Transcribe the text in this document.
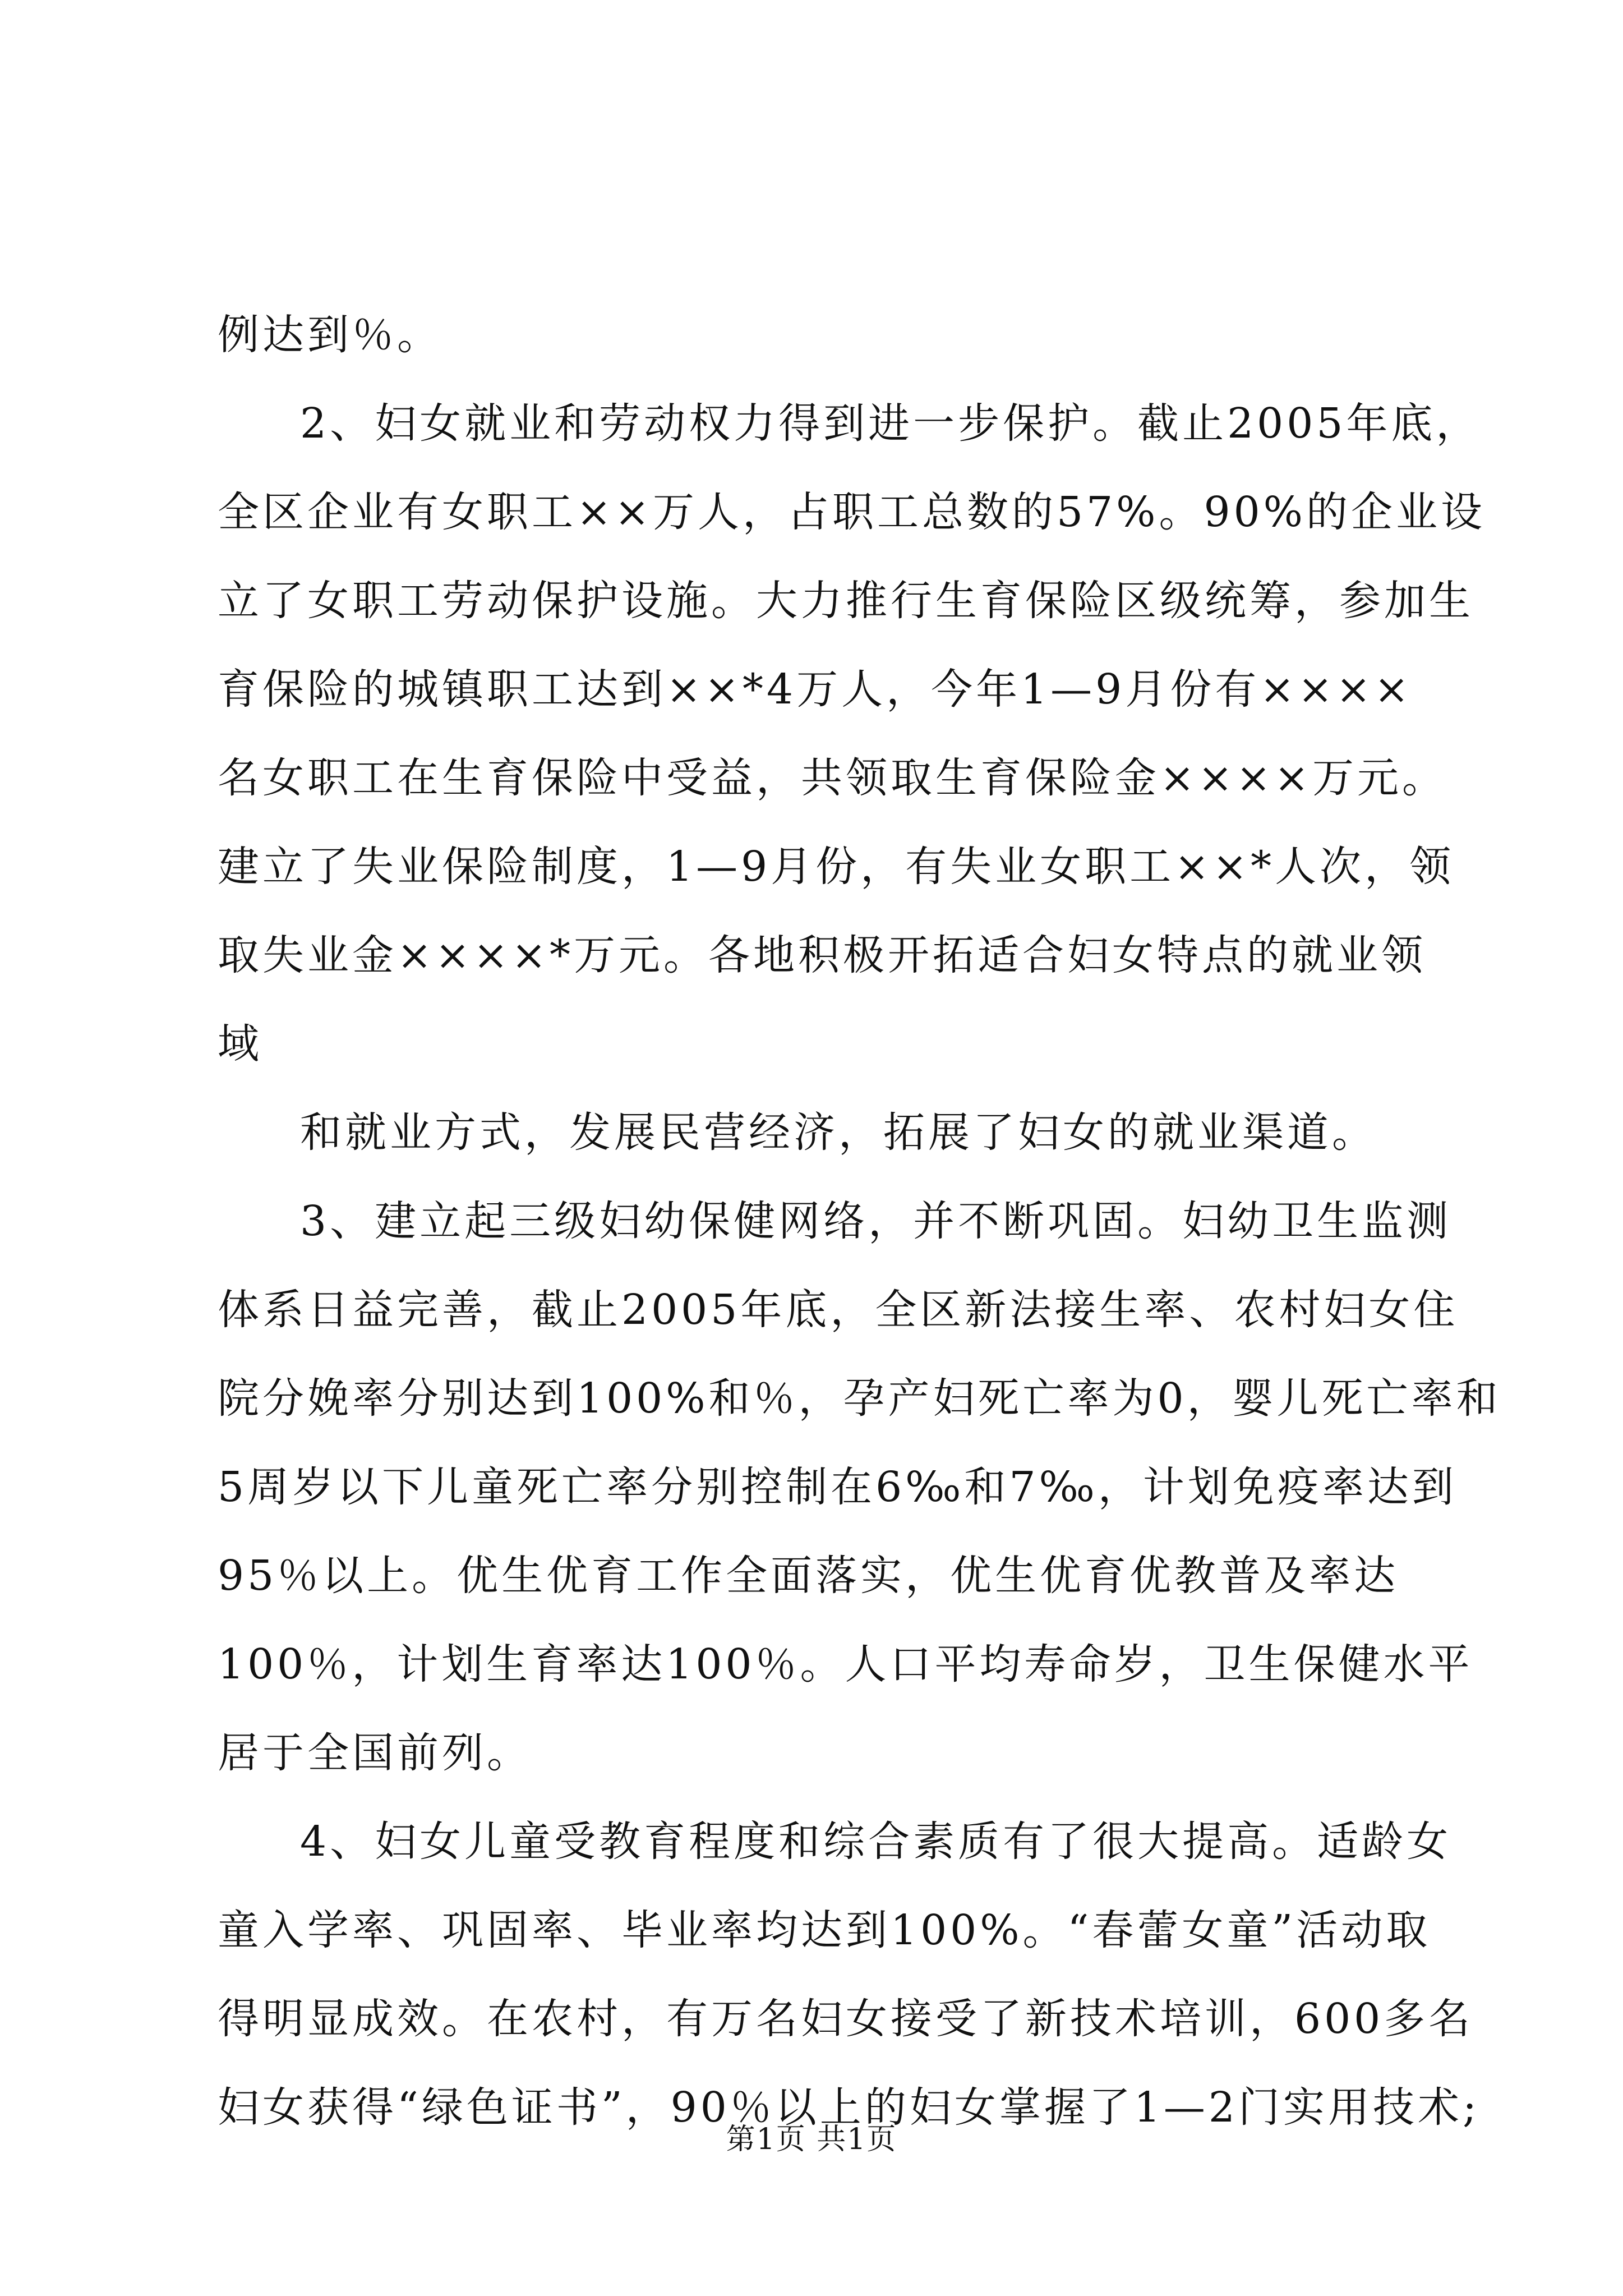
例达到％。
2、妇女就业和劳动权力得到进一步保护。截止2005年底，
全区企业有女职工××万人，占职工总数的57%。90%的企业设
立了女职工劳动保护设施。大力推行生育保险区级统筹，参加生
育保险的城镇职工达到××*4万人，今年1—9月份有××××
名女职工在生育保险中受益，共领取生育保险金××××万元。
建立了失业保险制度，1—9月份，有失业女职工××*人次，领
取失业金××××*万元。各地积极开拓适合妇女特点的就业领
域
和就业方式，发展民营经济，拓展了妇女的就业渠道。
3、建立起三级妇幼保健网络，并不断巩固。妇幼卫生监测
体系日益完善，截止2005年底，全区新法接生率、农村妇女住
院分娩率分别达到100%和％，孕产妇死亡率为0，婴儿死亡率和
5周岁以下儿童死亡率分别控制在6‰和7‰，计划免疫率达到
95％以上。优生优育工作全面落实，优生优育优教普及率达
100％，计划生育率达100％。人口平均寿命岁，卫生保健水平
居于全国前列。
4、妇女儿童受教育程度和综合素质有了很大提高。适龄女
童入学率、巩固率、毕业率均达到100%。“春蕾女童”活动取
得明显成效。在农村，有万名妇女接受了新技术培训，600多名
妇女获得“绿色证书”，90％以上的妇女掌握了1—2门实用技术;
第1页 共1页
